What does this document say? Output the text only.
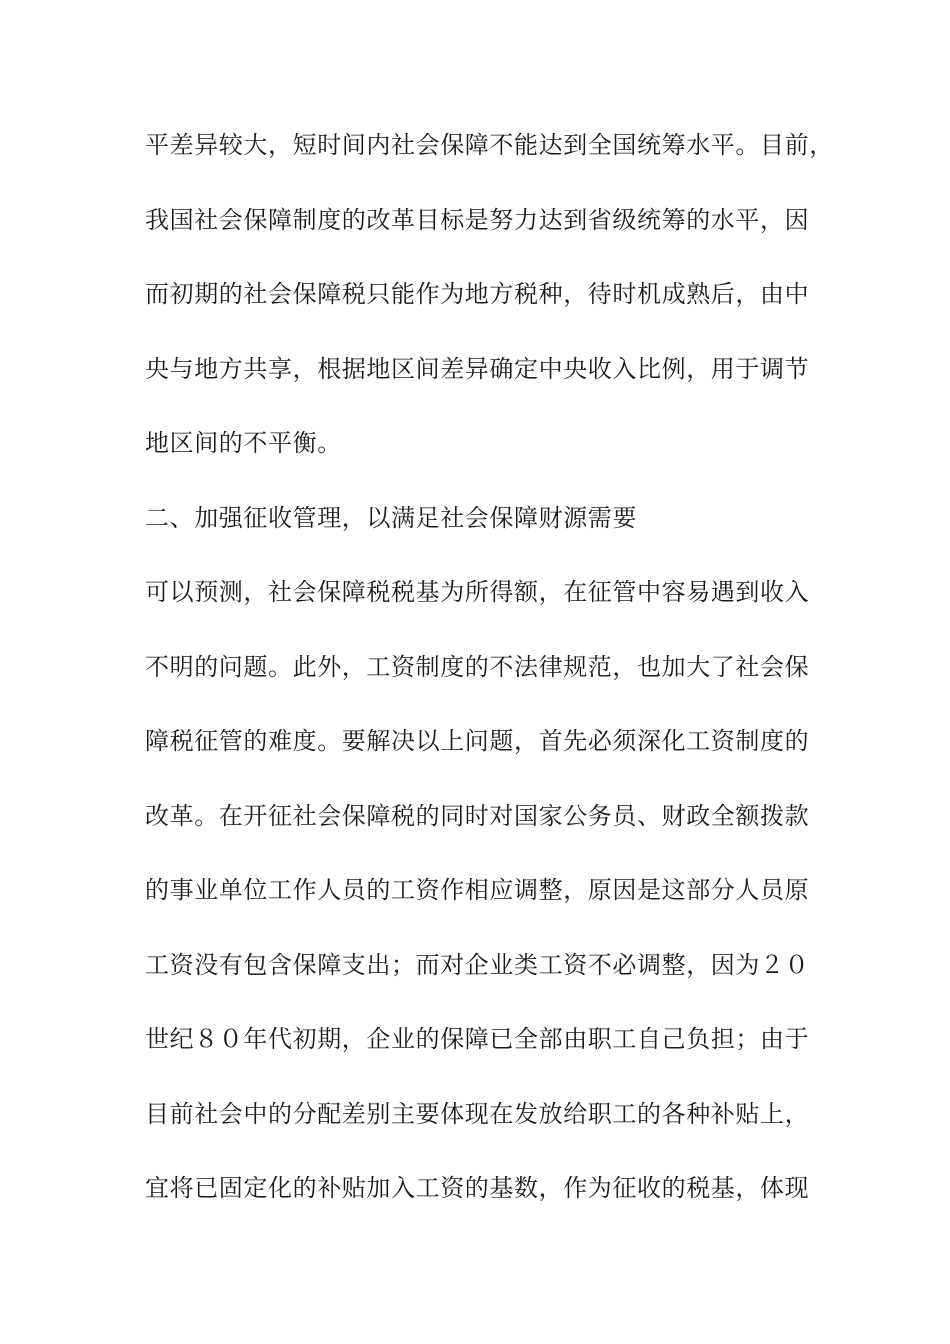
平差异较大，短时间内社会保障不能达到全国统筹水平。目前，
我国社会保障制度的改革目标是努力达到省级统筹的水平，因
而初期的社会保障税只能作为地方税种，待时机成熟后，由中
央与地方共享，根据地区间差异确定中央收入比例，用于调节
地区间的不平衡。
二、加强征收管理，以满足社会保障财源需要
可以预测，社会保障税税基为所得额，在征管中容易遇到收入
不明的问题。此外，工资制度的不法律规范，也加大了社会保
障税征管的难度。要解决以上问题，首先必须深化工资制度的
改革。在开征社会保障税的同时对国家公务员、财政全额拨款
的事业单位工作人员的工资作相应调整，原因是这部分人员原
工资没有包含保障支出；而对企业类工资不必调整，因为２０
世纪８０年代初期，企业的保障已全部由职工自己负担；由于
目前社会中的分配差别主要体现在发放给职工的各种补贴上，
宜将已固定化的补贴加入工资的基数，作为征收的税基，体现
